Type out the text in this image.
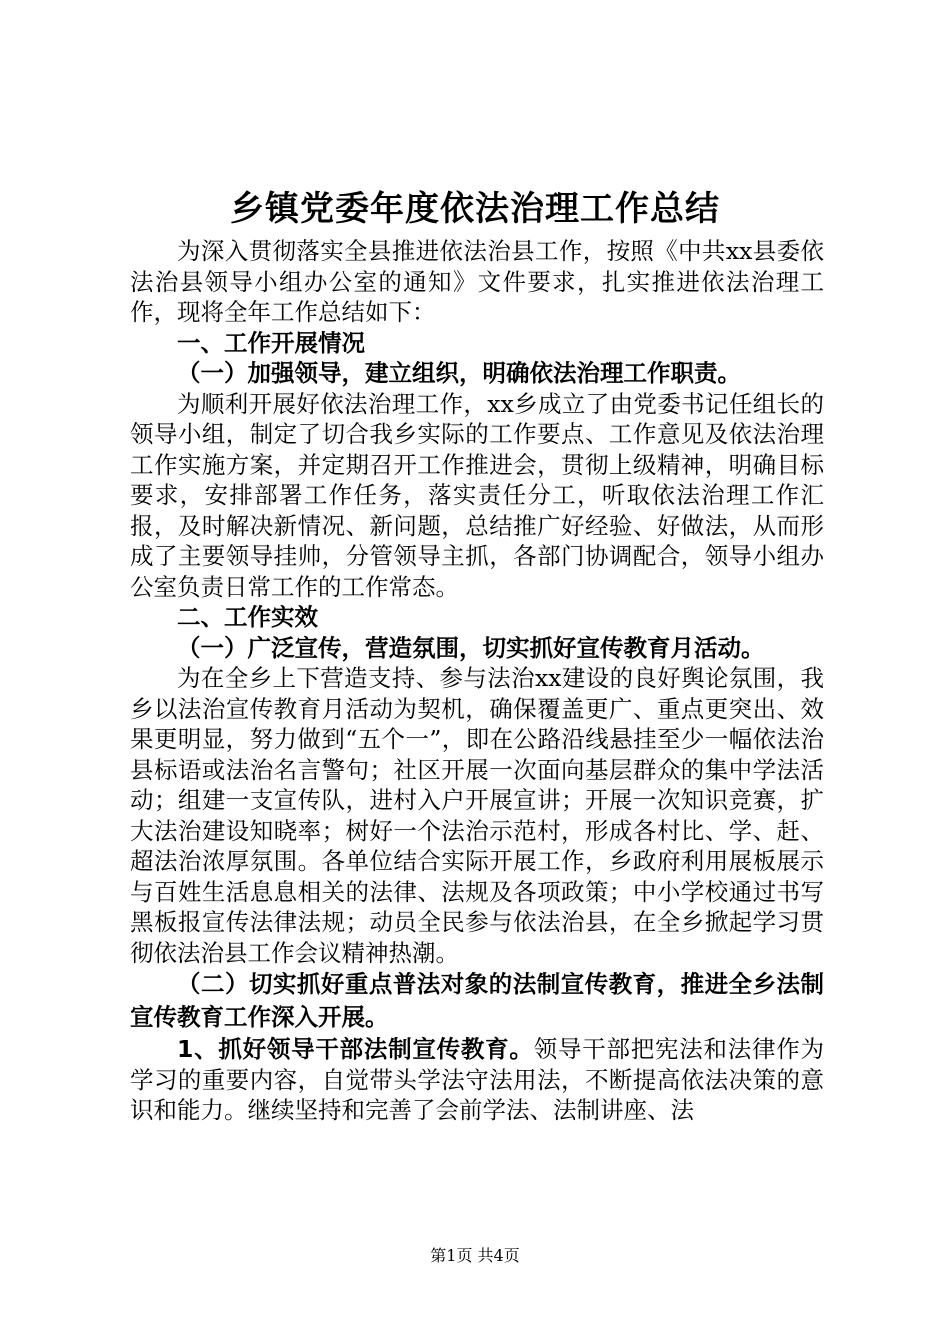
乡镇党委年度依法治理工作总结

为深入贯彻落实全县推进依法治县工作，按照《中共xx县委依法治县领导小组办公室的通知》文件要求，扎实推进依法治理工作，现将全年工作总结如下：

一、工作开展情况

（一）加强领导，建立组织，明确依法治理工作职责。

为顺利开展好依法治理工作，xx乡成立了由党委书记任组长的领导小组，制定了切合我乡实际的工作要点、工作意见及依法治理工作实施方案，并定期召开工作推进会，贯彻上级精神，明确目标要求，安排部署工作任务，落实责任分工，听取依法治理工作汇报，及时解决新情况、新问题，总结推广好经验、好做法，从而形成了主要领导挂帅，分管领导主抓，各部门协调配合，领导小组办公室负责日常工作的工作常态。

二、工作实效

（一）广泛宣传，营造氛围，切实抓好宣传教育月活动。

为在全乡上下营造支持、参与法治xx建设的良好舆论氛围，我乡以法治宣传教育月活动为契机，确保覆盖更广、重点更突出、效果更明显，努力做到“五个一”，即在公路沿线悬挂至少一幅依法治县标语或法治名言警句；社区开展一次面向基层群众的集中学法活动；组建一支宣传队，进村入户开展宣讲；开展一次知识竞赛，扩大法治建设知晓率；树好一个法治示范村，形成各村比、学、赶、超法治浓厚氛围。各单位结合实际开展工作，乡政府利用展板展示与百姓生活息息相关的法律、法规及各项政策；中小学校通过书写黑板报宣传法律法规；动员全民参与依法治县，在全乡掀起学习贯彻依法治县工作会议精神热潮。

（二）切实抓好重点普法对象的法制宣传教育，推进全乡法制宣传教育工作深入开展。

1、抓好领导干部法制宣传教育。领导干部把宪法和法律作为学习的重要内容，自觉带头学法守法用法，不断提高依法决策的意识和能力。继续坚持和完善了会前学法、法制讲座、法

第1页 共4页
